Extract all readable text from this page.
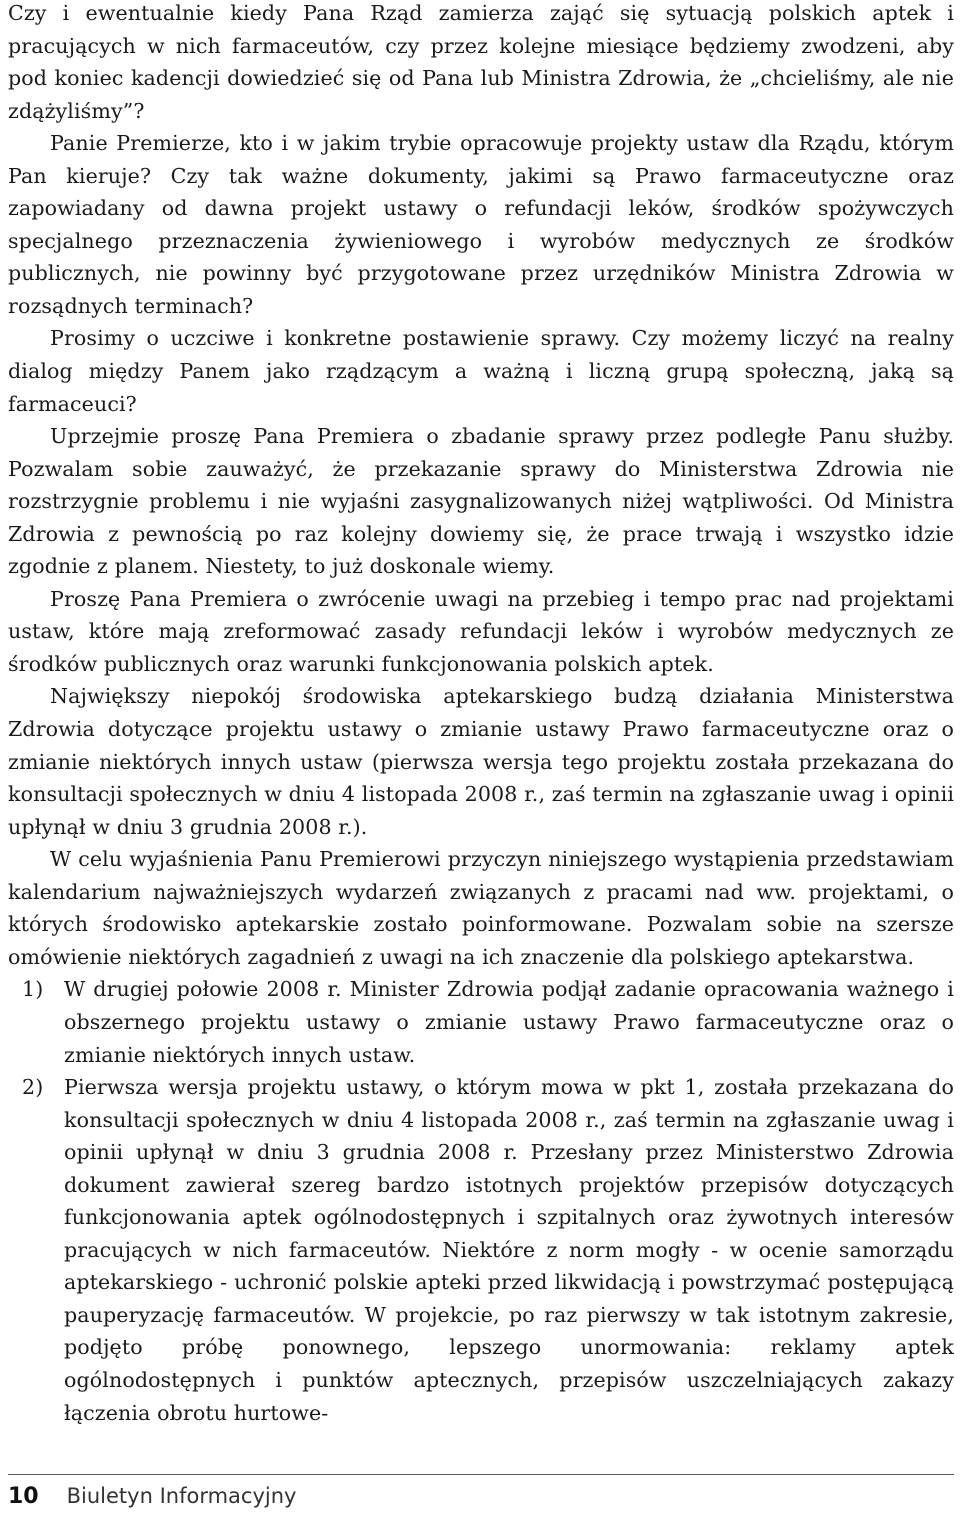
Czy i ewentualnie kiedy Pana Rząd zamierza zająć się sytuacją polskich aptek i pracujących w nich farmaceutów, czy przez kolejne miesiące będziemy zwodzeni, aby pod koniec kadencji dowiedzieć się od Pana lub Ministra Zdrowia, że „chcieliśmy, ale nie zdążyliśmy”?

Panie Premierze, kto i w jakim trybie opracowuje projekty ustaw dla Rządu, którym Pan kieruje? Czy tak ważne dokumenty, jakimi są Prawo farmaceutyczne oraz zapowiadany od dawna projekt ustawy o refundacji leków, środków spożywczych specjalnego przeznaczenia żywieniowego i wyrobów medycznych ze środków publicznych, nie powinny być przygotowane przez urzędników Ministra Zdrowia w rozsądnych terminach?

Prosimy o uczciwe i konkretne postawienie sprawy. Czy możemy liczyć na realny dialog między Panem jako rządzącym a ważną i liczną grupą społeczną, jaką są farmaceuci?

Uprzejmie proszę Pana Premiera o zbadanie sprawy przez podległe Panu służby. Pozwalam sobie zauważyć, że przekazanie sprawy do Ministerstwa Zdrowia nie rozstrzygnie problemu i nie wyjaśni zasygnalizowanych niżej wątpliwości. Od Ministra Zdrowia z pewnością po raz kolejny dowiemy się, że prace trwają i wszystko idzie zgodnie z planem. Niestety, to już doskonale wiemy.

Proszę Pana Premiera o zwrócenie uwagi na przebieg i tempo prac nad projektami ustaw, które mają zreformować zasady refundacji leków i wyrobów medycznych ze środków publicznych oraz warunki funkcjonowania polskich aptek.

Największy niepokój środowiska aptekarskiego budzą działania Ministerstwa Zdrowia dotyczące projektu ustawy o zmianie ustawy Prawo farmaceutyczne oraz o zmianie niektórych innych ustaw (pierwsza wersja tego projektu została przekazana do konsultacji społecznych w dniu 4 listopada 2008 r., zaś termin na zgłaszanie uwag i opinii upłynął w dniu 3 grudnia 2008 r.).

W celu wyjaśnienia Panu Premierowi przyczyn niniejszego wystąpienia przedstawiam kalendarium najważniejszych wydarzeń związanych z pracami nad ww. projektami, o których środowisko aptekarskie zostało poinformowane. Pozwalam sobie na szersze omówienie niektórych zagadnień z uwagi na ich znaczenie dla polskiego aptekarstwa.

1) W drugiej połowie 2008 r. Minister Zdrowia podjął zadanie opracowania ważnego i obszernego projektu ustawy o zmianie ustawy Prawo farmaceutyczne oraz o zmianie niektórych innych ustaw.

2) Pierwsza wersja projektu ustawy, o którym mowa w pkt 1, została przekazana do konsultacji społecznych w dniu 4 listopada 2008 r., zaś termin na zgłaszanie uwag i opinii upłynął w dniu 3 grudnia 2008 r. Przesłany przez Ministerstwo Zdrowia dokument zawierał szereg bardzo istotnych projektów przepisów dotyczących funkcjonowania aptek ogólnodostępnych i szpitalnych oraz żywotnych interesów pracujących w nich farmaceutów. Niektóre z norm mogły - w ocenie samorządu aptekarskiego - uchronić polskie apteki przed likwidacją i powstrzymać postępującą pauperyzację farmaceutów. W projekcie, po raz pierwszy w tak istotnym zakresie, podjęto próbę ponownego, lepszego unormowania: reklamy aptek ogólnodostępnych i punktów aptecznych, przepisów uszczelniających zakazy łączenia obrotu hurtowe-

10 Biuletyn Informacyjny
